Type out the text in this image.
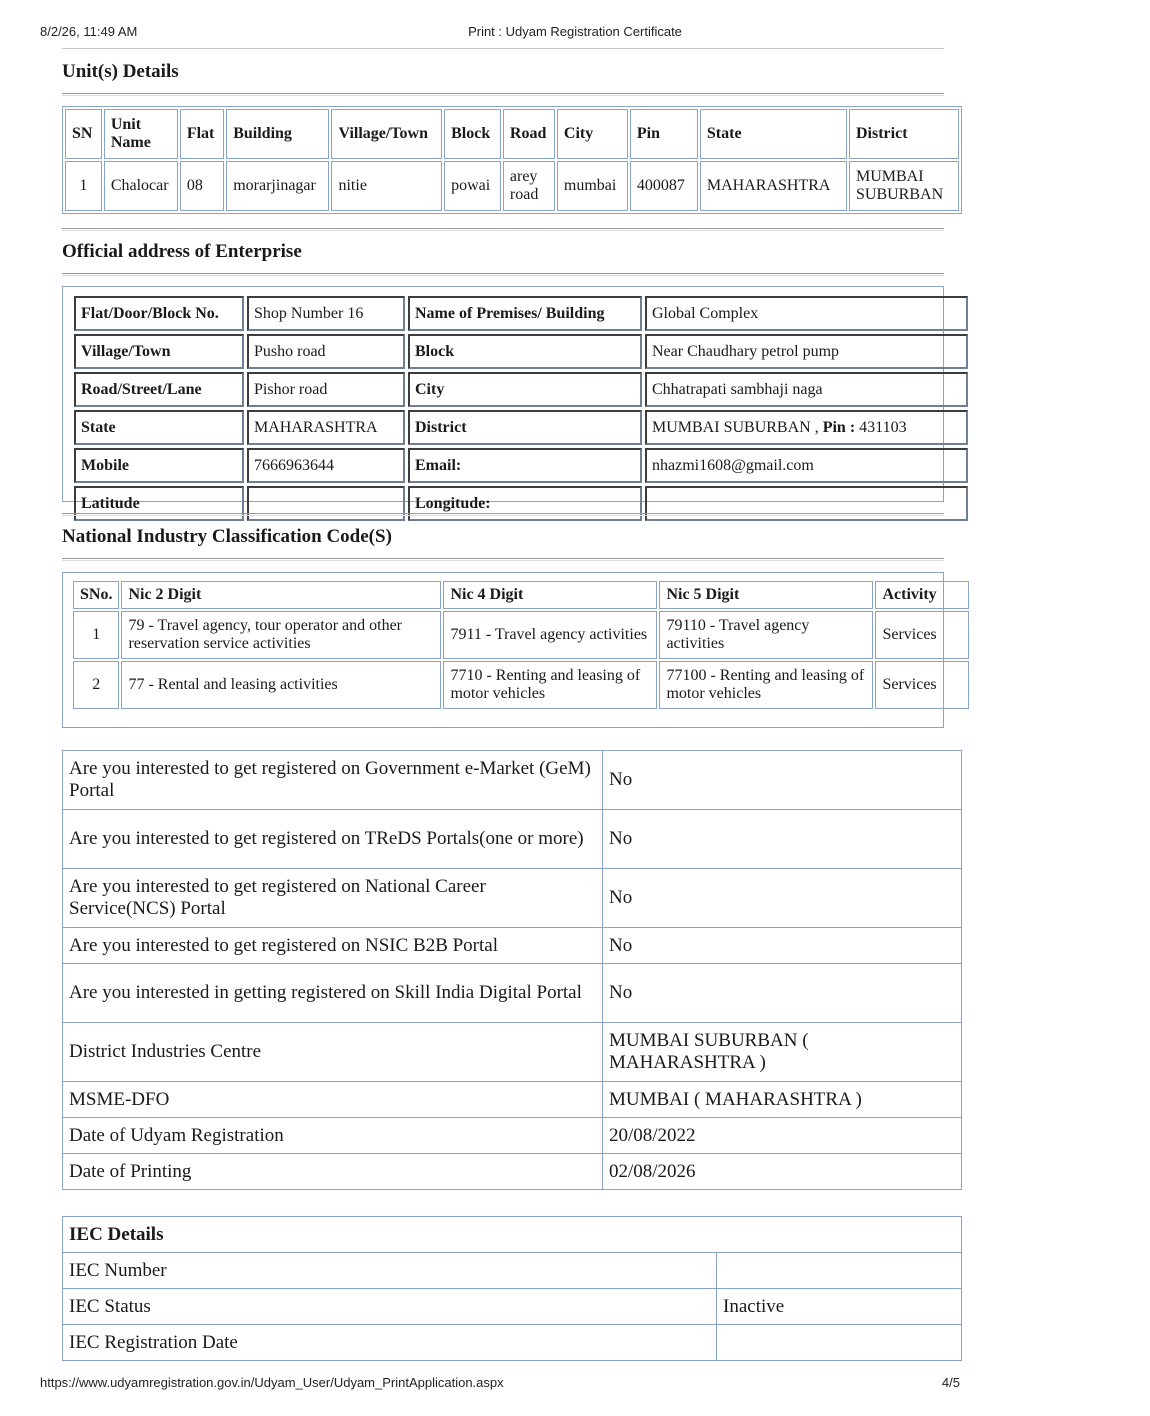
8/2/26, 11:49 AM	Print : Udyam Registration Certificate
Unit(s) Details
SN	Unit Name	Flat	Building	Village/Town	Block	Road	City	Pin	State	District
1	Chalocar	08	morarjinagar	nitie	powai	arey road	mumbai	400087	MAHARASHTRA	MUMBAI SUBURBAN
Official address of Enterprise
Flat/Door/Block No.	Shop Number 16	Name of Premises/ Building	Global Complex
Village/Town	Pusho road	Block	Near Chaudhary petrol pump
Road/Street/Lane	Pishor road	City	Chhatrapati sambhaji naga
State	MAHARASHTRA	District	MUMBAI SUBURBAN , Pin : 431103
Mobile	7666963644	Email:	nhazmi1608@gmail.com
Latitude		Longitude:	
National Industry Classification Code(S)
SNo.	Nic 2 Digit	Nic 4 Digit	Nic 5 Digit	Activity
1	79 - Travel agency, tour operator and other reservation service activities	7911 - Travel agency activities	79110 - Travel agency activities	Services
2	77 - Rental and leasing activities	7710 - Renting and leasing of motor vehicles	77100 - Renting and leasing of motor vehicles	Services
Are you interested to get registered on Government e-Market (GeM) Portal	No
Are you interested to get registered on TReDS Portals(one or more)	No
Are you interested to get registered on National Career Service(NCS) Portal	No
Are you interested to get registered on NSIC B2B Portal	No
Are you interested in getting registered on Skill India Digital Portal	No
District Industries Centre	MUMBAI SUBURBAN ( MAHARASHTRA )
MSME-DFO	MUMBAI ( MAHARASHTRA )
Date of Udyam Registration	20/08/2022
Date of Printing	02/08/2026
IEC Details	
IEC Number	
IEC Status	Inactive
IEC Registration Date	
https://www.udyamregistration.gov.in/Udyam_User/Udyam_PrintApplication.aspx	4/5
